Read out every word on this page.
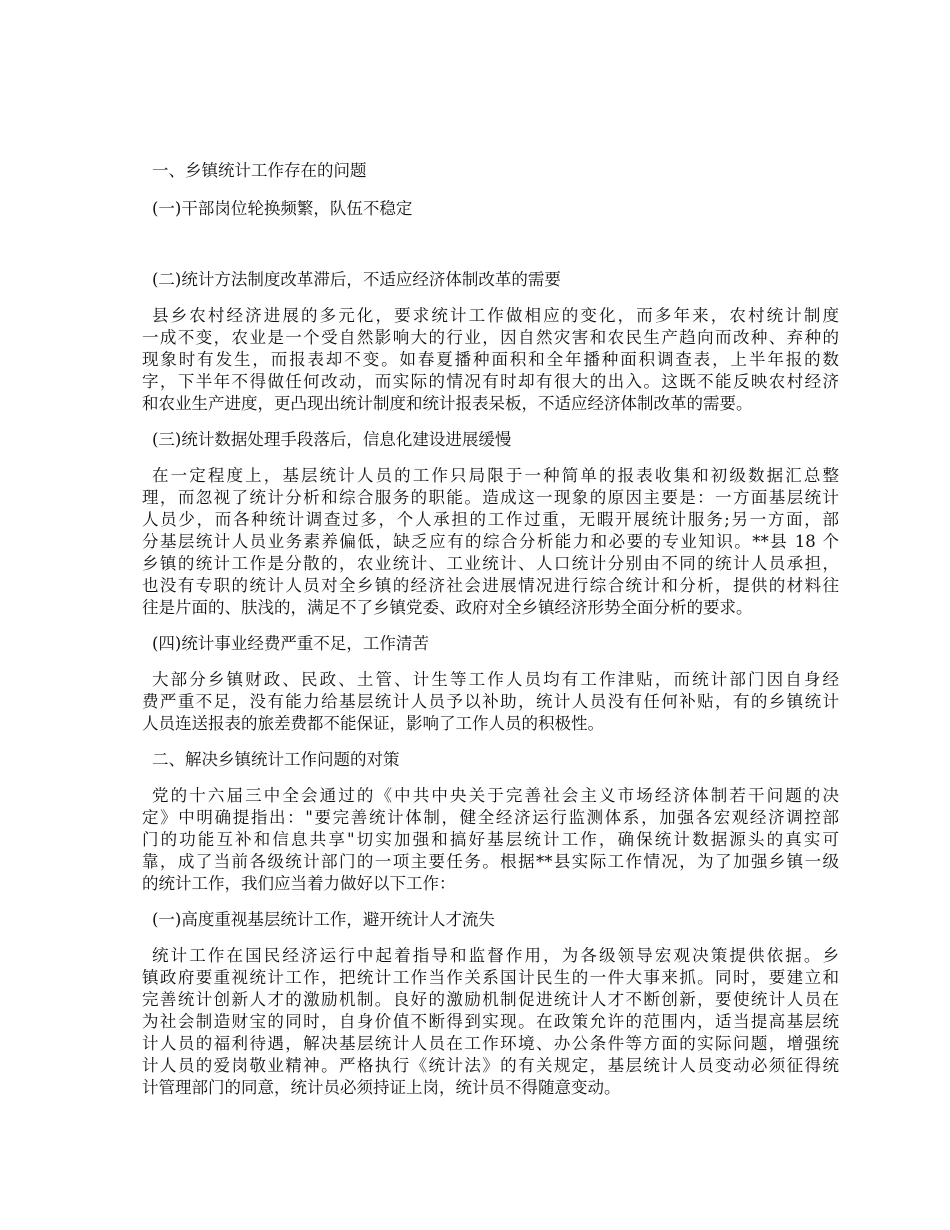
一、乡镇统计工作存在的问题
(一)干部岗位轮换频繁，队伍不稳定
(二)统计方法制度改革滞后，不适应经济体制改革的需要
县乡农村经济进展的多元化，要求统计工作做相应的变化，而多年来，农村统计制度
一成不变，农业是一个受自然影响大的行业，因自然灾害和农民生产趋向而改种、弃种的
现象时有发生，而报表却不变。如春夏播种面积和全年播种面积调查表，上半年报的数
字，下半年不得做任何改动，而实际的情况有时却有很大的出入。这既不能反映农村经济
和农业生产进度，更凸现出统计制度和统计报表呆板，不适应经济体制改革的需要。
(三)统计数据处理手段落后，信息化建设进展缓慢
在一定程度上，基层统计人员的工作只局限于一种简单的报表收集和初级数据汇总整
理，而忽视了统计分析和综合服务的职能。造成这一现象的原因主要是：一方面基层统计
人员少，而各种统计调查过多，个人承担的工作过重，无暇开展统计服务;另一方面，部
分基层统计人员业务素养偏低，缺乏应有的综合分析能力和必要的专业知识。**县 18 个
乡镇的统计工作是分散的，农业统计、工业统计、人口统计分别由不同的统计人员承担，
也没有专职的统计人员对全乡镇的经济社会进展情况进行综合统计和分析，提供的材料往
往是片面的、肤浅的，满足不了乡镇党委、政府对全乡镇经济形势全面分析的要求。
(四)统计事业经费严重不足，工作清苦
大部分乡镇财政、民政、土管、计生等工作人员均有工作津贴，而统计部门因自身经
费严重不足，没有能力给基层统计人员予以补助，统计人员没有任何补贴，有的乡镇统计
人员连送报表的旅差费都不能保证，影响了工作人员的积极性。
二、解决乡镇统计工作问题的对策
党的十六届三中全会通过的《中共中央关于完善社会主义市场经济体制若干问题的决
定》中明确提指出："要完善统计体制，健全经济运行监测体系，加强各宏观经济调控部
门的功能互补和信息共享"切实加强和搞好基层统计工作，确保统计数据源头的真实可
靠，成了当前各级统计部门的一项主要任务。根据**县实际工作情况，为了加强乡镇一级
的统计工作，我们应当着力做好以下工作：
(一)高度重视基层统计工作，避开统计人才流失
统计工作在国民经济运行中起着指导和监督作用，为各级领导宏观决策提供依据。乡
镇政府要重视统计工作，把统计工作当作关系国计民生的一件大事来抓。同时，要建立和
完善统计创新人才的激励机制。良好的激励机制促进统计人才不断创新，要使统计人员在
为社会制造财宝的同时，自身价值不断得到实现。在政策允许的范围内，适当提高基层统
计人员的福利待遇，解决基层统计人员在工作环境、办公条件等方面的实际问题，增强统
计人员的爱岗敬业精神。严格执行《统计法》的有关规定，基层统计人员变动必须征得统
计管理部门的同意，统计员必须持证上岗，统计员不得随意变动。
